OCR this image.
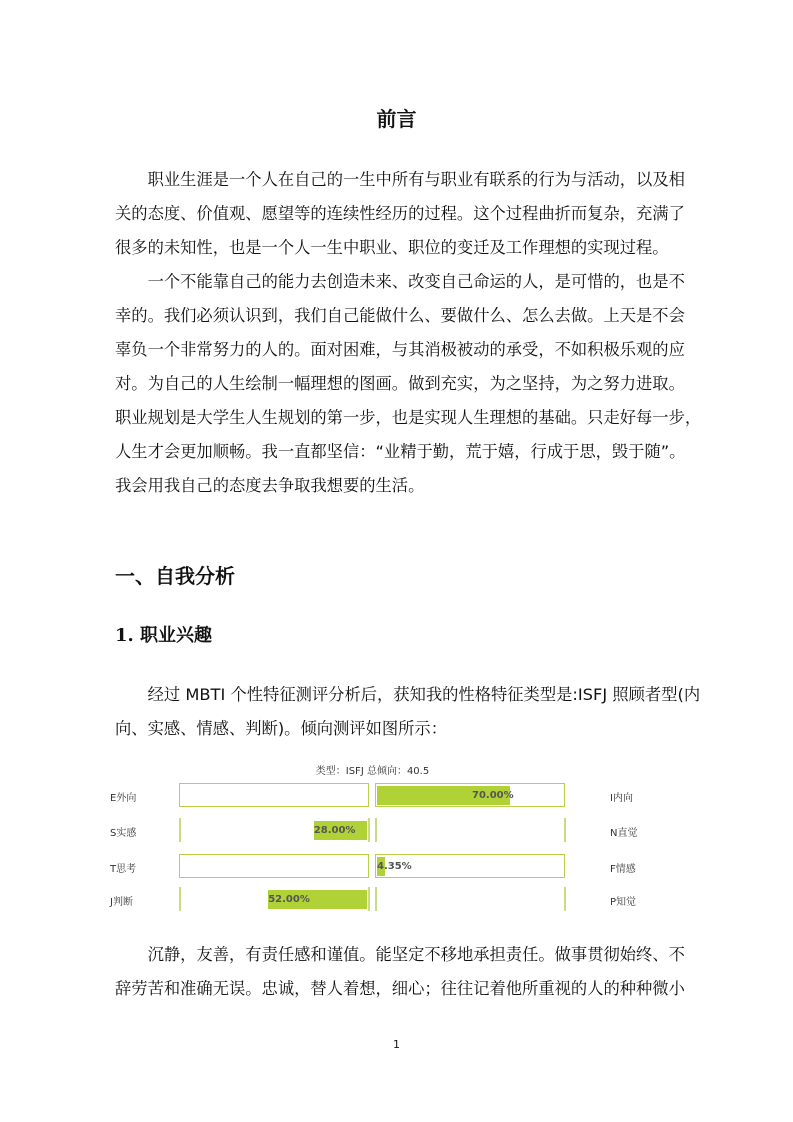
前言
职业生涯是一个人在自己的一生中所有与职业有联系的行为与活动，以及相
关的态度、价值观、愿望等的连续性经历的过程。这个过程曲折而复杂，充满了
很多的未知性，也是一个人一生中职业、职位的变迁及工作理想的实现过程。
一个不能靠自己的能力去创造未来、改变自己命运的人，是可惜的，也是不
幸的。我们必须认识到，我们自己能做什么、要做什么、怎么去做。上天是不会
辜负一个非常努力的人的。面对困难，与其消极被动的承受，不如积极乐观的应
对。为自己的人生绘制一幅理想的图画。做到充实，为之坚持，为之努力进取。
职业规划是大学生人生规划的第一步，也是实现人生理想的基础。只走好每一步，
人生才会更加顺畅。我一直都坚信：“业精于勤，荒于嬉，行成于思，毁于随”。
我会用我自己的态度去争取我想要的生活。
一、自我分析
1. 职业兴趣
经过 MBTI 个性特征测评分析后，获知我的性格特征类型是:ISFJ 照顾者型(内
向、实感、情感、判断)。倾向测评如图所示：
类型：ISFJ 总倾向：40.5
E外向	I内向
70.00%
S实感	N直觉
28.00%
T思考	F情感
4.35%
J判断	P知觉
52.00%
沉静，友善，有责任感和谨值。能坚定不移地承担责任。做事贯彻始终、不
辞劳苦和准确无误。忠诚，替人着想，细心；往往记着他所重视的人的种种微小
1
